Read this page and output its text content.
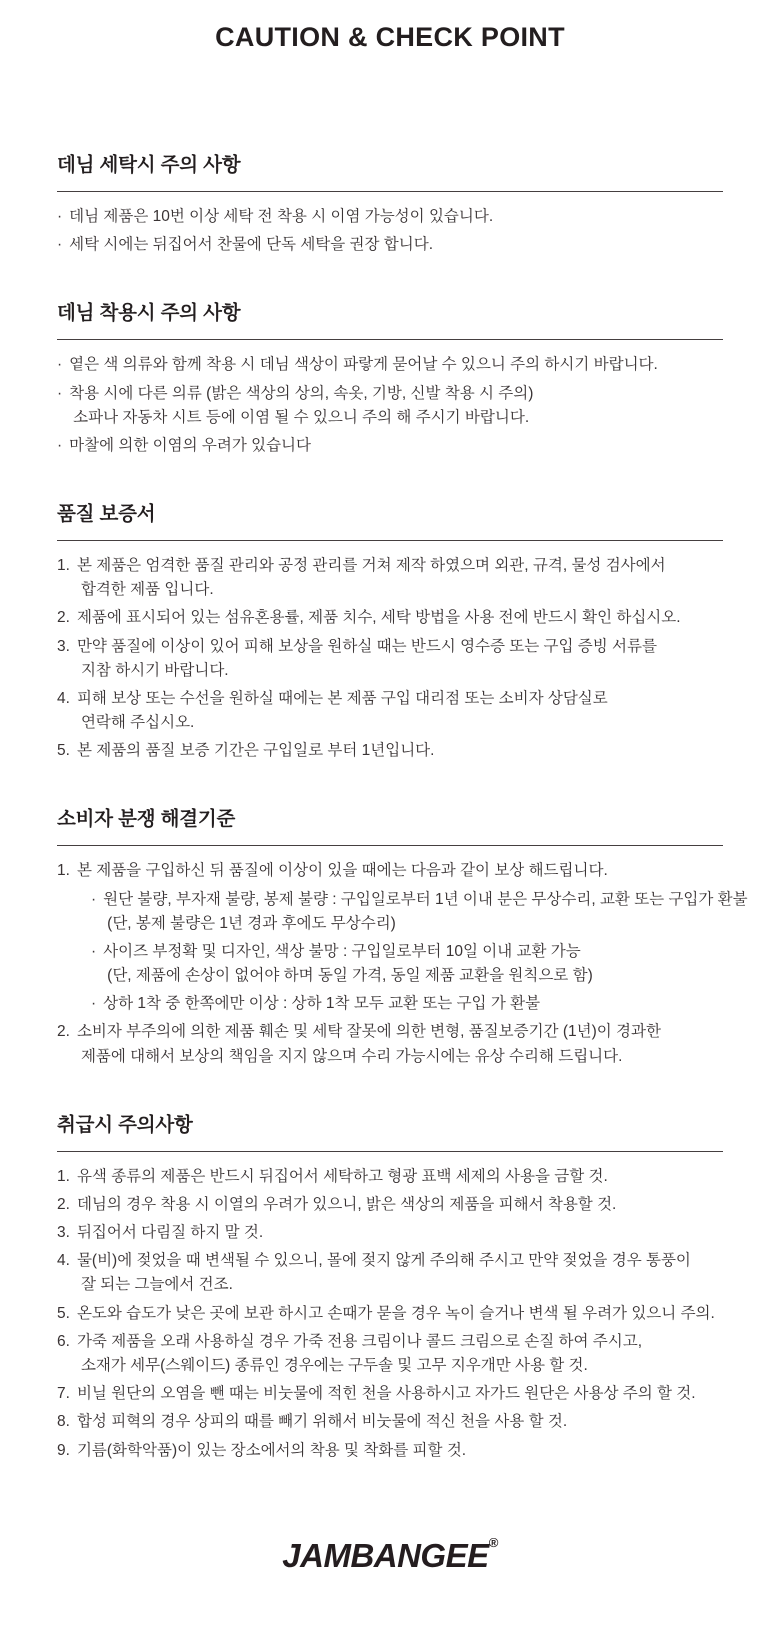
CAUTION & CHECK POINT
데님 세탁시 주의 사항
· 데님 제품은 10번 이상 세탁 전 착용 시 이염 가능성이 있습니다.
· 세탁 시에는 뒤집어서 찬물에 단독 세탁을 권장 합니다.
데님 착용시 주의 사항
· 옅은 색 의류와 함께 착용 시 데님 색상이 파랗게 묻어날 수 있으니 주의 하시기 바랍니다.
· 착용 시에 다른 의류 (밝은 색상의 상의, 속옷, 기방, 신발 착용 시 주의)
소파나 자동차 시트 등에 이염 될 수 있으니 주의 해 주시기 바랍니다.
· 마찰에 의한 이염의 우려가 있습니다
품질 보증서
1. 본 제품은 엄격한 품질 관리와 공정 관리를 거쳐 제작 하였으며 외관, 규격, 물성 검사에서
합격한 제품 입니다.
2. 제품에 표시되어 있는 섬유혼용률, 제품 치수, 세탁 방법을 사용 전에 반드시 확인 하십시오.
3. 만약 품질에 이상이 있어 피해 보상을 원하실 때는 반드시 영수증 또는 구입 증빙 서류를
지참 하시기 바랍니다.
4. 피해 보상 또는 수선을 원하실 때에는 본 제품 구입 대리점 또는 소비자 상담실로
연락해 주십시오.
5. 본 제품의 품질 보증 기간은 구입일로 부터 1년입니다.
소비자 분쟁 해결기준
1. 본 제품을 구입하신 뒤 품질에 이상이 있을 때에는 다음과 같이 보상 해드립니다.
· 원단 불량, 부자재 불량, 봉제 불량 : 구입일로부터 1년 이내 분은 무상수리, 교환 또는 구입가 환불
(단, 봉제 불량은 1년 경과 후에도 무상수리)
· 사이즈 부정확 및 디자인, 색상 불망 : 구입일로부터 10일 이내 교환 가능
(단, 제품에 손상이 없어야 하며 동일 가격, 동일 제품 교환을 원칙으로 함)
· 상하 1착 중 한쪽에만 이상 : 상하 1착 모두 교환 또는 구입 가 환불
2. 소비자 부주의에 의한 제품 훼손 및 세탁 잘못에 의한 변형, 품질보증기간 (1년)이 경과한
제품에 대해서 보상의 책임을 지지 않으며 수리 가능시에는 유상 수리해 드립니다.
취급시 주의사항
1. 유색 종류의 제품은 반드시 뒤집어서 세탁하고 형광 표백 세제의 사용을 금할 것.
2. 데님의 경우 착용 시 이열의 우려가 있으니, 밝은 색상의 제품을 피해서 착용할 것.
3. 뒤집어서 다림질 하지 말 것.
4. 물(비)에 젖었을 때 변색될 수 있으니, 몰에 젖지 않게 주의해 주시고 만약 젖었을 경우 통풍이
잘 되는 그늘에서 건조.
5. 온도와 습도가 낮은 곳에 보관 하시고 손때가 묻을 경우 녹이 슬거나 변색 될 우려가 있으니 주의.
6. 가죽 제품을 오래 사용하실 경우 가죽 전용 크림이나 콜드 크림으로 손질 하여 주시고,
소재가 세무(스웨이드) 종류인 경우에는 구두솔 및 고무 지우개만 사용 할 것.
7. 비닐 원단의 오염을 뺀 때는 비눗물에 적힌 천을 사용하시고 자가드 원단은 사용상 주의 할 것.
8. 합성 피혁의 경우 상피의 때를 빼기 위해서 비눗물에 적신 천을 사용 할 것.
9. 기름(화학악품)이 있는 장소에서의 착용 및 착화를 피할 것.
JAMBANGEE®
